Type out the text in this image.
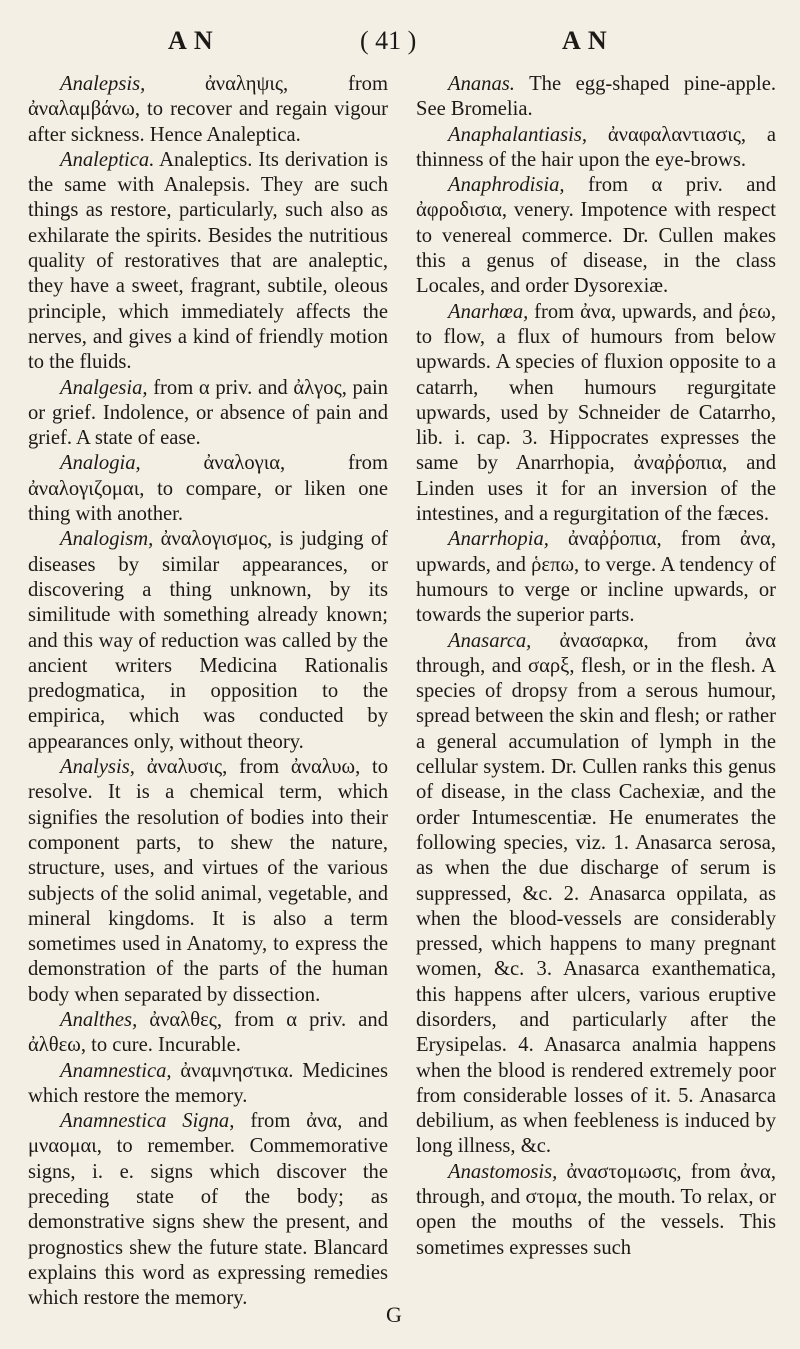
A N	( 41 )	A N

Analepsis,	ἀναληψις, from ἀναλαμβάνω, to recover and regain vigour after sickness. Hence Analeptica.

Analeptica. Analeptics. Its derivation is the same with Analepsis. They are such things as restore, particularly, such also as exhilarate the spirits. Besides the nutritious quality of restoratives that are analeptic, they have a sweet, fragrant, subtile, oleous principle, which immediately affects the nerves, and gives a kind of friendly motion to the fluids.

Analgesia, from α priv. and ἀλγος, pain or grief. Indolence, or absence of pain and grief. A state of ease.

Analogia,	ἀναλογια, from ἀναλογιζομαι, to compare, or liken one thing with another.

Analogism, ἀναλογισμος, is judging of diseases by similar appearances, or discovering a thing unknown, by its similitude with something already known; and this way of reduction was called by the ancient writers Medicina Rationalis predogmatica, in opposition to the empirica, which was conducted by appearances only, without theory.

Analysis, ἀναλυσις, from ἀναλυω, to resolve. It is a chemical term, which signifies the resolution of bodies into their component parts, to shew the nature, structure, uses, and virtues of the various subjects of the solid animal, vegetable, and mineral kingdoms. It is also a term sometimes used in Anatomy, to express the demonstration of the parts of the human body when separated by dissection.

Analthes, ἀναλθες, from α priv. and ἀλθεω, to cure. Incurable.

Anamnestica, ἀναμνηστικα. Medicines which restore the memory.

Anamnestica Signa, from ἀνα, and μναομαι, to remember. Commemorative signs, i. e. signs which discover the preceding state of the body; as demonstrative signs shew the present, and prognostics shew the future state. Blancard explains this word as expressing remedies which restore the memory.

Ananas. The egg-shaped pine-apple. See Bromelia.

Anaphalantiasis, ἀναφαλαντιασις, a thinness of the hair upon the eye-brows.

Anaphrodisia, from α priv. and ἀφροδισια, venery. Impotence with respect to venereal commerce. Dr. Cullen makes this a genus of disease, in the class Locales, and order Dysorexiæ.

Anarhœa, from ἀνα, upwards, and ῥεω, to flow, a flux of humours from below upwards. A species of fluxion opposite to a catarrh, when humours regurgitate upwards, used by Schneider de Catarrho, lib. i. cap. 3. Hippocrates expresses the same by Anarrhopia, ἀναῤῥοπια, and Linden uses it for an inversion of the intestines, and a regurgitation of the fæces.

Anarrhopia, ἀναῤῥοπια, from ἀνα, upwards, and ῥεπω, to verge. A tendency of humours to verge or incline upwards, or towards the superior parts.

Anasarca, ἀνασαρκα, from ἀνα through, and σαρξ, flesh, or in the flesh. A species of dropsy from a serous humour, spread between the skin and flesh; or rather a general accumulation of lymph in the cellular system. Dr. Cullen ranks this genus of disease, in the class Cachexiæ, and the order Intumescentiæ. He enumerates the following species, viz. 1. Anasarca serosa, as when the due discharge of serum is suppressed, &c. 2. Anasarca oppilata, as when the blood-vessels are considerably pressed, which happens to many pregnant women, &c. 3. Anasarca exanthematica, this happens after ulcers, various eruptive disorders, and particularly after the Erysipelas. 4. Anasarca analmia happens when the blood is rendered extremely poor from considerable losses of it. 5. Anasarca debilium, as when feebleness is induced by long illness, &c.

Anastomosis, ἀναστομωσις, from ἀνα, through, and στομα, the mouth. To relax, or open the mouths of the vessels. This sometimes expresses such

G
